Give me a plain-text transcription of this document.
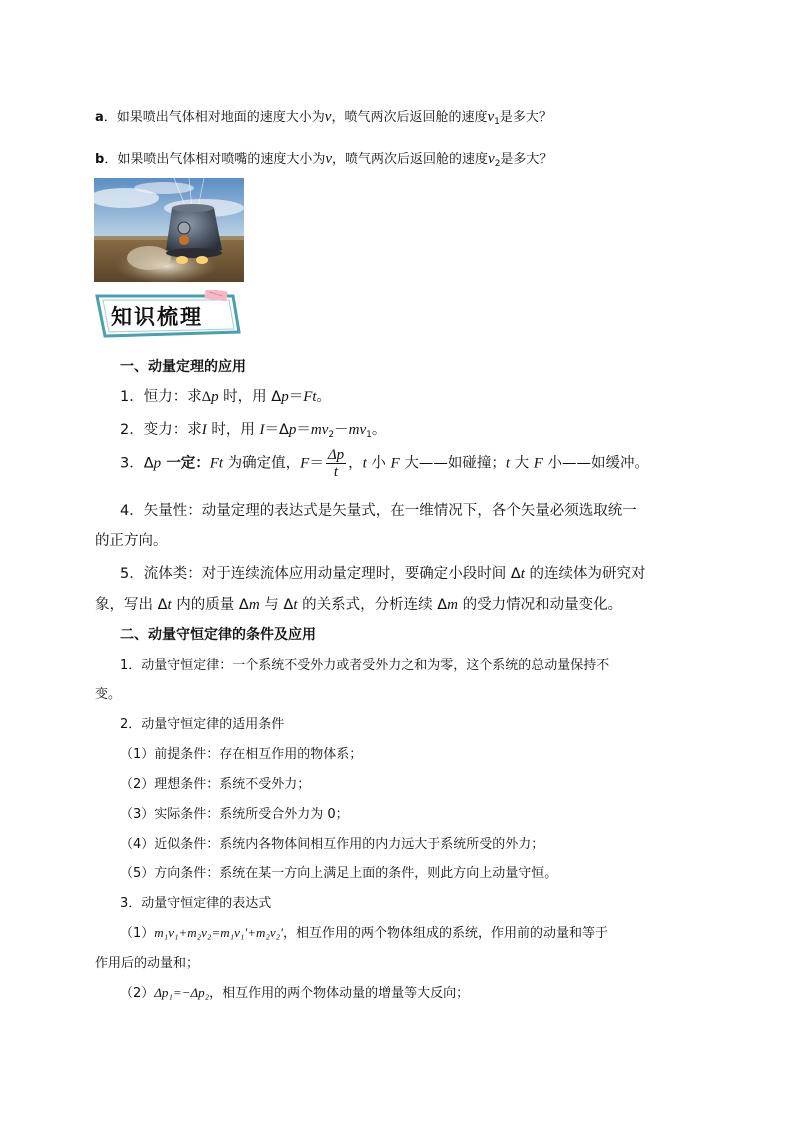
a．如果喷出气体相对地面的速度大小为v，喷气两次后返回舱的速度$v_1$是多大？
b．如果喷出气体相对喷嘴的速度大小为v，喷气两次后返回舱的速度$v_2$是多大？
知识梳理
一、动量定理的应用
1．恒力：求Δp 时，用 Δp＝Ft。
2．变力：求I 时，用 $I=\Delta p=mv_2-mv_1$。
3．Δp 一定：Ft 为确定值，$F= \frac{\Delta p}{t}$ ，t 小 F 大——如碰撞；t 大 F 小——如缓冲。
4．矢量性：动量定理的表达式是矢量式，在一维情况下，各个矢量必须选取统一
的正方向。
5．流体类：对于连续流体应用动量定理时，要确定小段时间 Δt 的连续体为研究对
象，写出 Δt 内的质量 Δm 与 Δt 的关系式，分析连续 Δm 的受力情况和动量变化。
二、动量守恒定律的条件及应用
1．动量守恒定律：一个系统不受外力或者受外力之和为零，这个系统的总动量保持不
变。
2．动量守恒定律的适用条件
（1）前提条件：存在相互作用的物体系；
（2）理想条件：系统不受外力；
（3）实际条件：系统所受合外力为 0；
（4）近似条件：系统内各物体间相互作用的内力远大于系统所受的外力；
（5）方向条件：系统在某一方向上满足上面的条件，则此方向上动量守恒。
3．动量守恒定律的表达式
（1）m₁v₁+m₂v₂=m₁v₁'+m₂v₂'，相互作用的两个物体组成的系统，作用前的动量和等于
作用后的动量和；
（2）Δp₁=−Δp₂，相互作用的两个物体动量的增量等大反向；
